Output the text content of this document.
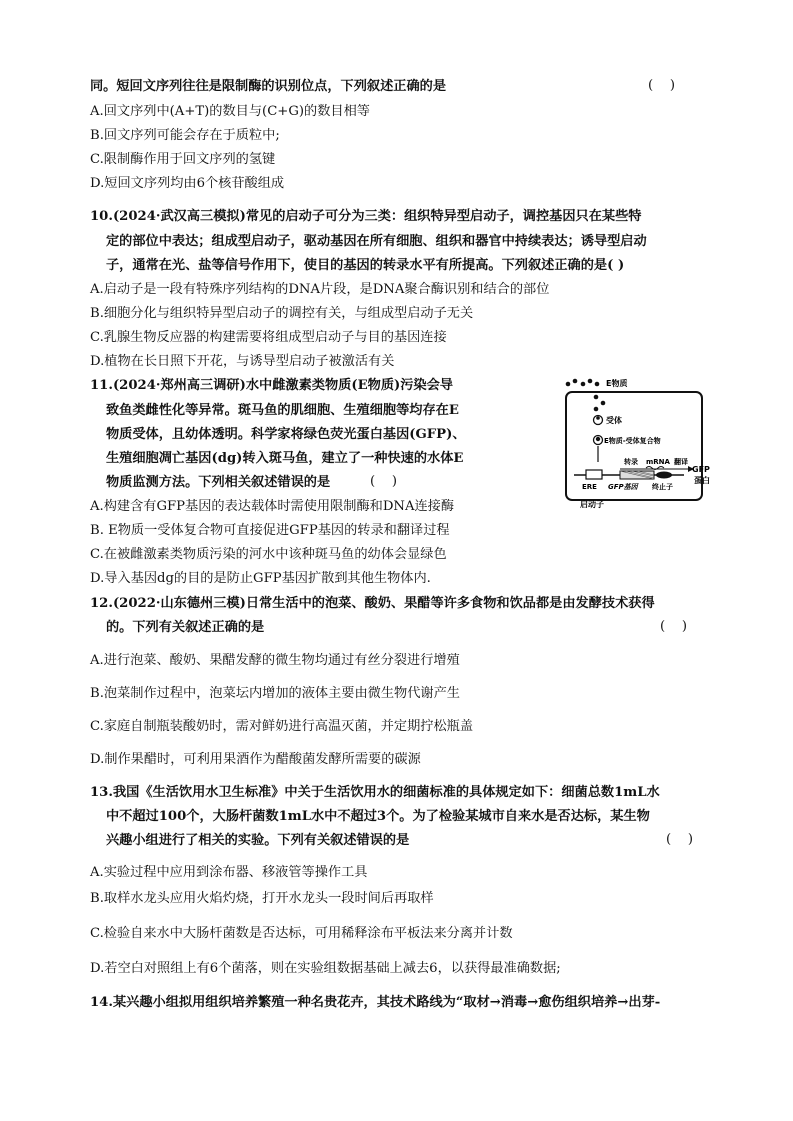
同。短回文序列往往是限制酶的识别位点，下列叙述正确的是	(    )
A.回文序列中(A+T)的数目与(C+G)的数目相等
B.回文序列可能会存在于质粒中;
C.限制酶作用于回文序列的氢键
D.短回文序列均由6个核苷酸组成
10.(2024·武汉高三模拟)常见的启动子可分为三类：组织特异型启动子，调控基因只在某些特
定的部位中表达；组成型启动子，驱动基因在所有细胞、组织和器官中持续表达；诱导型启动
子，通常在光、盐等信号作用下，使目的基因的转录水平有所提高。下列叙述正确的是( )
A.启动子是一段有特殊序列结构的DNA片段，是DNA聚合酶识别和结合的部位
B.细胞分化与组织特异型启动子的调控有关，与组成型启动子无关
C.乳腺生物反应器的构建需要将组成型启动子与目的基因连接
D.植物在长日照下开花，与诱导型启动子被激活有关
11.(2024·郑州高三调研)水中雌激素类物质(E物质)污染会导
致鱼类雌性化等异常。斑马鱼的肌细胞、生殖细胞等均存在E
物质受体，且幼体透明。科学家将绿色荧光蛋白基因(GFP)、
生殖细胞凋亡基因(dg)转入斑马鱼，建立了一种快速的水体E
物质监测方法。下列相关叙述错误的是	(    )
A.构建含有GFP基因的表达载体时需使用限制酶和DNA连接酶
B. E物质一受体复合物可直接促进GFP基因的转录和翻译过程
C.在被雌激素类物质污染的河水中该种斑马鱼的幼体会显绿色
D.导入基因dg的目的是防止GFP基因扩散到其他生物体内.
E物质
受体
E物质-受体复合物
转录 mRNA 翻译
GFP
蛋白
ERE GFP基因 终止子
启动子
12.(2022·山东德州三模)日常生活中的泡菜、酸奶、果醋等许多食物和饮品都是由发酵技术获得
的。下列有关叙述正确的是	(    )
A.进行泡菜、酸奶、果醋发酵的微生物均通过有丝分裂进行增殖
B.泡菜制作过程中，泡菜坛内增加的液体主要由微生物代谢产生
C.家庭自制瓶装酸奶时，需对鲜奶进行高温灭菌，并定期拧松瓶盖
D.制作果醋时，可利用果酒作为醋酸菌发酵所需要的碳源
13.我国《生活饮用水卫生标准》中关于生活饮用水的细菌标准的具体规定如下：细菌总数1mL水
中不超过100个，大肠杆菌数1mL水中不超过3个。为了检验某城市自来水是否达标，某生物
兴趣小组进行了相关的实验。下列有关叙述错误的是	(    )
A.实验过程中应用到涂布器、移液管等操作工具
B.取样水龙头应用火焰灼烧，打开水龙头一段时间后再取样
C.检验自来水中大肠杆菌数是否达标，可用稀释涂布平板法来分离并计数
D.若空白对照组上有6个菌落，则在实验组数据基础上减去6，以获得最准确数据;
14.某兴趣小组拟用组织培养繁殖一种名贵花卉，其技术路线为“取材→消毒→愈伤组织培养→出芽-
